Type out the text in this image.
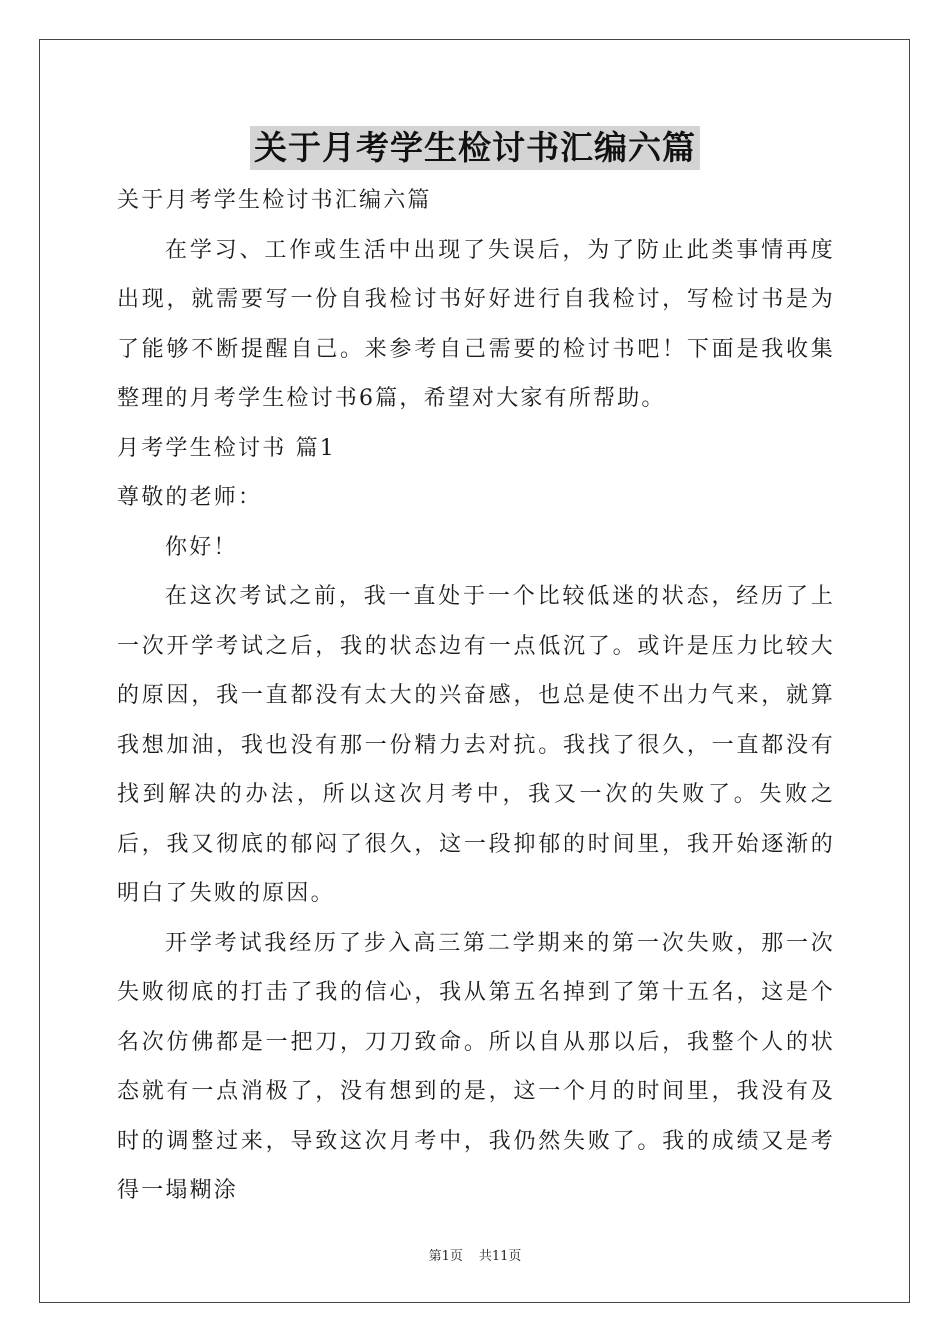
关于月考学生检讨书汇编六篇

关于月考学生检讨书汇编六篇

在学习、工作或生活中出现了失误后，为了防止此类事情再度出现，就需要写一份自我检讨书好好进行自我检讨，写检讨书是为了能够不断提醒自己。来参考自己需要的检讨书吧！下面是我收集整理的月考学生检讨书6篇，希望对大家有所帮助。

月考学生检讨书 篇1

尊敬的老师：

你好！

在这次考试之前，我一直处于一个比较低迷的状态，经历了上一次开学考试之后，我的状态边有一点低沉了。或许是压力比较大的原因，我一直都没有太大的兴奋感，也总是使不出力气来，就算我想加油，我也没有那一份精力去对抗。我找了很久，一直都没有找到解决的办法，所以这次月考中，我又一次的失败了。失败之后，我又彻底的郁闷了很久，这一段抑郁的时间里，我开始逐渐的明白了失败的原因。

开学考试我经历了步入高三第二学期来的第一次失败，那一次失败彻底的打击了我的信心，我从第五名掉到了第十五名，这是个名次仿佛都是一把刀，刀刀致命。所以自从那以后，我整个人的状态就有一点消极了，没有想到的是，这一个月的时间里，我没有及时的调整过来，导致这次月考中，我仍然失败了。我的成绩又是考得一塌糊涂

第1页 共11页
